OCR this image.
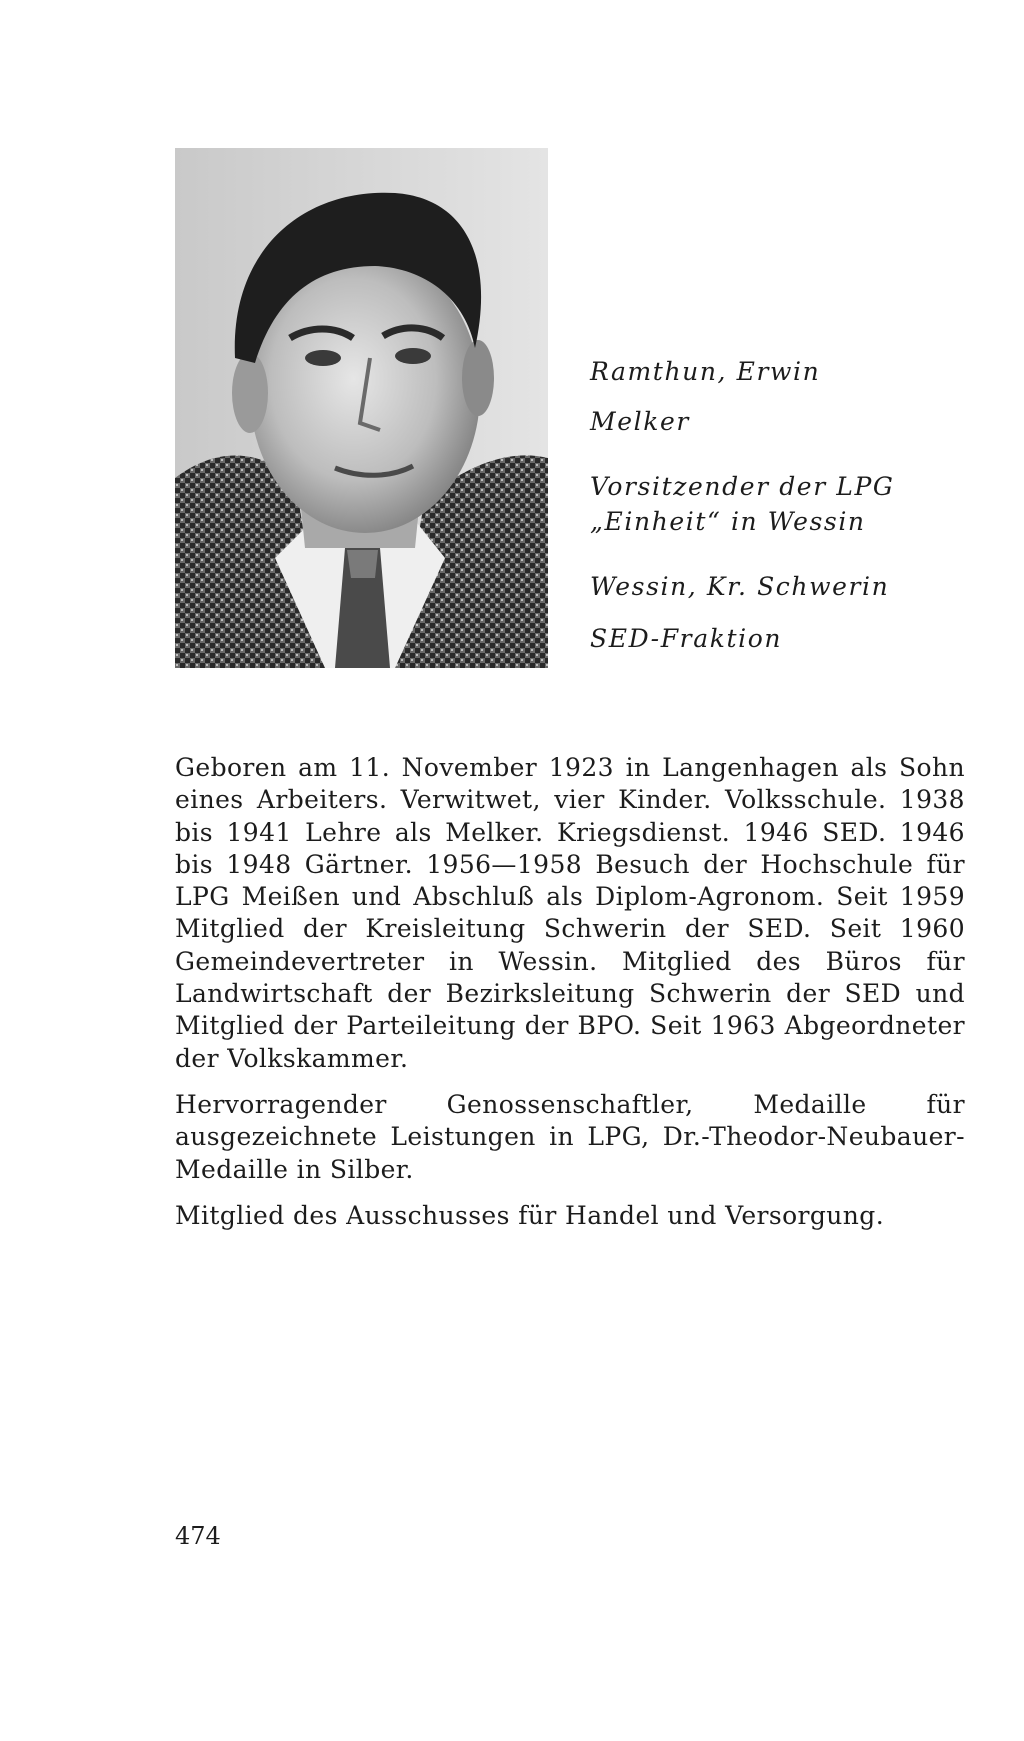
Ramthun, Erwin
Melker
Vorsitzender der LPG
„Einheit“ in Wessin
Wessin, Kr. Schwerin
SED-Fraktion

Geboren am 11. November 1923 in Langenhagen als Sohn eines Arbeiters. Verwitwet, vier Kinder. Volksschule. 1938 bis 1941 Lehre als Melker. Kriegsdienst. 1946 SED. 1946 bis 1948 Gärtner. 1956—1958 Besuch der Hochschule für LPG Meißen und Abschluß als Diplom-Agronom. Seit 1959 Mitglied der Kreisleitung Schwerin der SED. Seit 1960 Gemeindevertreter in Wessin. Mitglied des Büros für Landwirtschaft der Bezirksleitung Schwerin der SED und Mitglied der Parteileitung der BPO. Seit 1963 Abgeordneter der Volkskammer.

Hervorragender Genossenschaftler, Medaille für ausgezeichnete Leistungen in LPG, Dr.-Theodor-Neubauer-Medaille in Silber.

Mitglied des Ausschusses für Handel und Versorgung.

474
